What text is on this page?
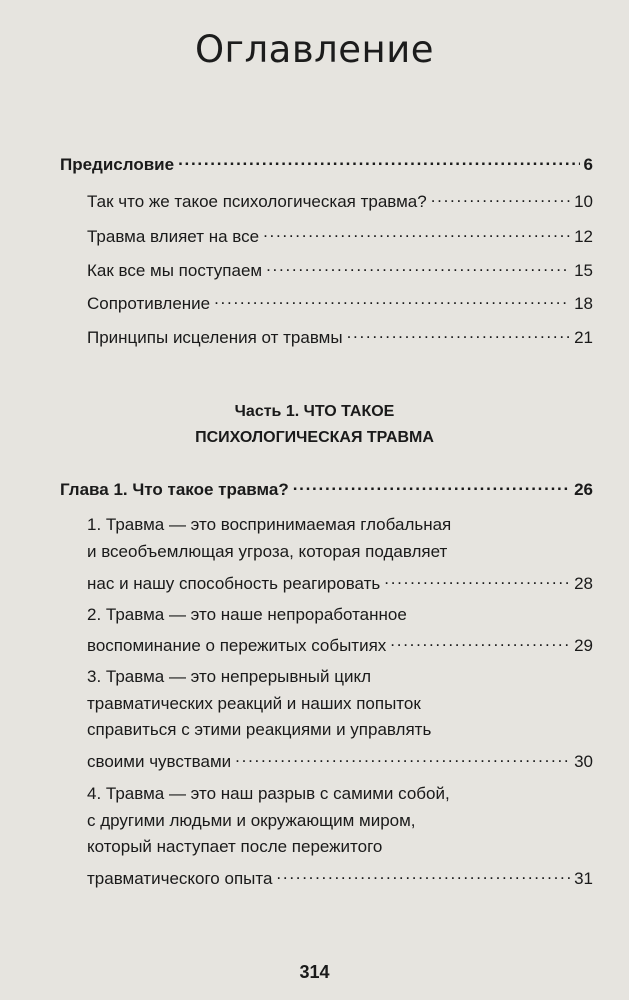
Оглавление
Предисловие . . .	6
Так что же такое психологическая травма? . . .	10
Травма влияет на все . . .	12
Как все мы поступаем . . .	15
Сопротивление . . .	18
Принципы исцеления от травмы . . .	21
Часть 1. ЧТО ТАКОЕ
ПСИХОЛОГИЧЕСКАЯ ТРАВМА
Глава 1. Что такое травма? . . .	26
1. Травма — это воспринимаемая глобальная
и всеобъемлющая угроза, которая подавляет
нас и нашу способность реагировать . . .	28
2. Травма — это наше непроработанное
воспоминание о пережитых событиях . . .	29
3. Травма — это непрерывный цикл
травматических реакций и наших попыток
справиться с этими реакциями и управлять
своими чувствами . . .	30
4. Травма — это наш разрыв с самими собой,
с другими людьми и окружающим миром,
который наступает после пережитого
травматического опыта . . .	31
314
